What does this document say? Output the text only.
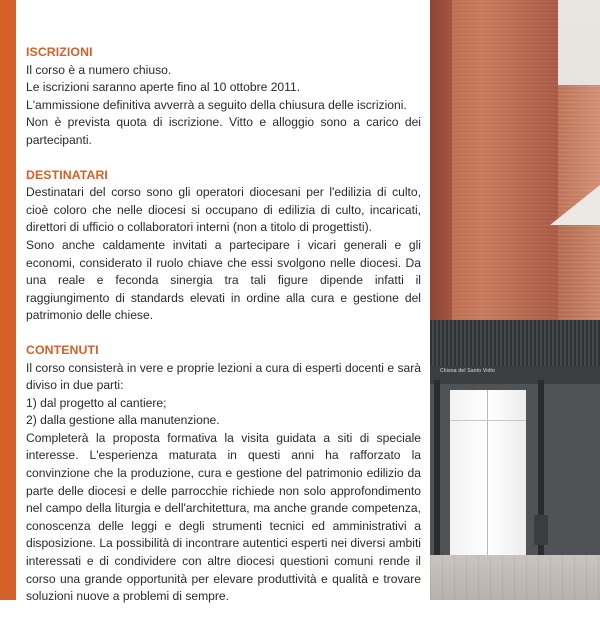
ISCRIZIONI

Il corso è a numero chiuso.

Le iscrizioni saranno aperte fino al 10 ottobre 2011.

L'ammissione definitiva avverrà a seguito della chiusura delle iscrizioni.

Non è prevista quota di iscrizione. Vitto e alloggio sono a carico dei partecipanti.

DESTINATARI

Destinatari del corso sono gli operatori diocesani per l'edilizia di culto, cioè coloro che nelle diocesi si occupano di edilizia di culto, incaricati, direttori di ufficio o collaboratori interni (non a titolo di progettisti).

Sono anche caldamente invitati a partecipare i vicari generali e gli economi, considerato il ruolo chiave che essi svolgono nelle diocesi. Da una reale e feconda sinergia tra tali figure dipende infatti il raggiungimento di standards elevati in ordine alla cura e gestione del patrimonio delle chiese.

CONTENUTI

Il corso consisterà in vere e proprie lezioni a cura di esperti docenti e sarà diviso in due parti:

1) dal progetto al cantiere;

2) dalla gestione alla manutenzione.

Completerà la proposta formativa la visita guidata a siti di speciale interesse. L'esperienza maturata in questi anni ha rafforzato la convinzione che la produzione, cura e gestione del patrimonio edilizio da parte delle diocesi e delle parrocchie richiede non solo approfondimento nel campo della liturgia e dell'architettura, ma anche grande competenza, conoscenza delle leggi e degli strumenti tecnici ed amministrativi a disposizione. La possibilità di incontrare autentici esperti nei diversi ambiti interessati e di condividere con altre diocesi questioni comuni rende il corso una grande opportunità per elevare produttività e qualità e trovare soluzioni nuove a problemi di sempre.

Chiesa del Santo Volto
